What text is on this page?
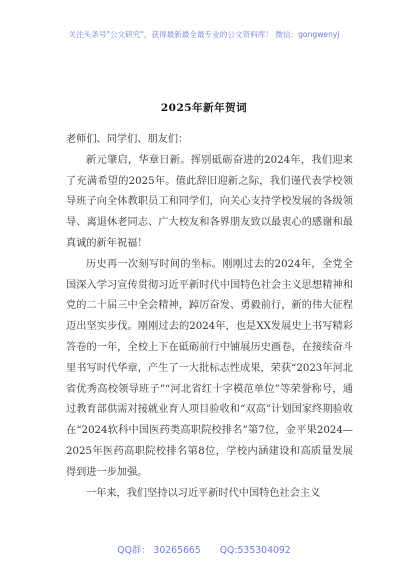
关注头条号"公文研究"，获得最新最全最专业的公文资料库！ 微信：gongwenyj
2025年新年贺词

老师们、同学们、朋友们：

新元肇启，华章日新。挥别砥砺奋进的2024年，我们迎来了充满希望的2025年。值此辞旧迎新之际，我们谨代表学校领导班子向全体教职员工和同学们，向关心支持学校发展的各级领导、离退休老同志、广大校友和各界朋友致以最衷心的感谢和最真诚的新年祝福！

历史再一次刻写时间的坐标。刚刚过去的2024年，全党全国深入学习宣传贯彻习近平新时代中国特色社会主义思想精神和党的二十届三中全会精神，踔厉奋发、勇毅前行，新的伟大征程迈出坚实步伐。刚刚过去的2024年，也是XX发展史上书写精彩答卷的一年，全校上下在砥砺前行中铺展历史画卷，在接续奋斗里书写时代华章，产生了一大批标志性成果，荣获“2023年河北省优秀高校领导班子”“河北省红十字模范单位”等荣誉称号，通过教育部供需对接就业育人项目验收和“双高”计划国家终期验收在“2024软科中国医药类高职院校排名”第7位，金平果2024—2025年医药高职院校排名第8位，学校内涵建设和高质量发展得到进一步加强。

一年来，我们坚持以习近平新时代中国特色社会主义

QQ群： 30265665 QQ:535304092
